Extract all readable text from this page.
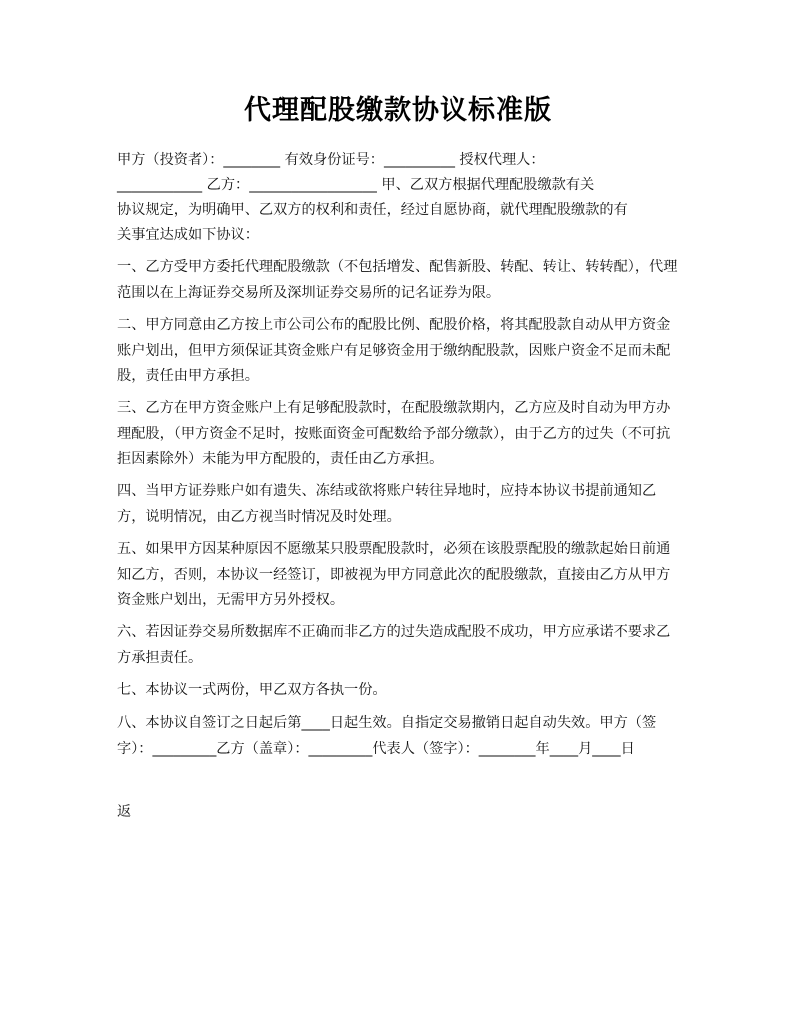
代理配股缴款协议标准版
甲方（投资者）：________ 有效身份证号：__________ 授权代理人：
____________ 乙方：__________________ 甲、乙双方根据代理配股缴款有关
协议规定，为明确甲、乙双方的权利和责任，经过自愿协商，就代理配股缴款的有
关事宜达成如下协议：
一、乙方受甲方委托代理配股缴款（不包括增发、配售新股、转配、转让、转转配），代理范围以在上海证券交易所及深圳证券交易所的记名证券为限。
二、甲方同意由乙方按上市公司公布的配股比例、配股价格，将其配股款自动从甲方资金账户划出，但甲方须保证其资金账户有足够资金用于缴纳配股款，因账户资金不足而未配股，责任由甲方承担。
三、乙方在甲方资金账户上有足够配股款时，在配股缴款期内，乙方应及时自动为甲方办理配股，（甲方资金不足时，按账面资金可配数给予部分缴款），由于乙方的过失（不可抗拒因素除外）未能为甲方配股的，责任由乙方承担。
四、当甲方证券账户如有遗失、冻结或欲将账户转往异地时，应持本协议书提前通知乙方，说明情况，由乙方视当时情况及时处理。
五、如果甲方因某种原因不愿缴某只股票配股款时，必须在该股票配股的缴款起始日前通知乙方，否则，本协议一经签订，即被视为甲方同意此次的配股缴款，直接由乙方从甲方资金账户划出，无需甲方另外授权。
六、若因证券交易所数据库不正确而非乙方的过失造成配股不成功，甲方应承诺不要求乙方承担责任。
七、本协议一式两份，甲乙双方各执一份。
八、本协议自签订之日起后第____日起生效。自指定交易撤销日起自动失效。甲方（签字）：_________乙方（盖章）：_________代表人（签字）：________年____月____日
返
